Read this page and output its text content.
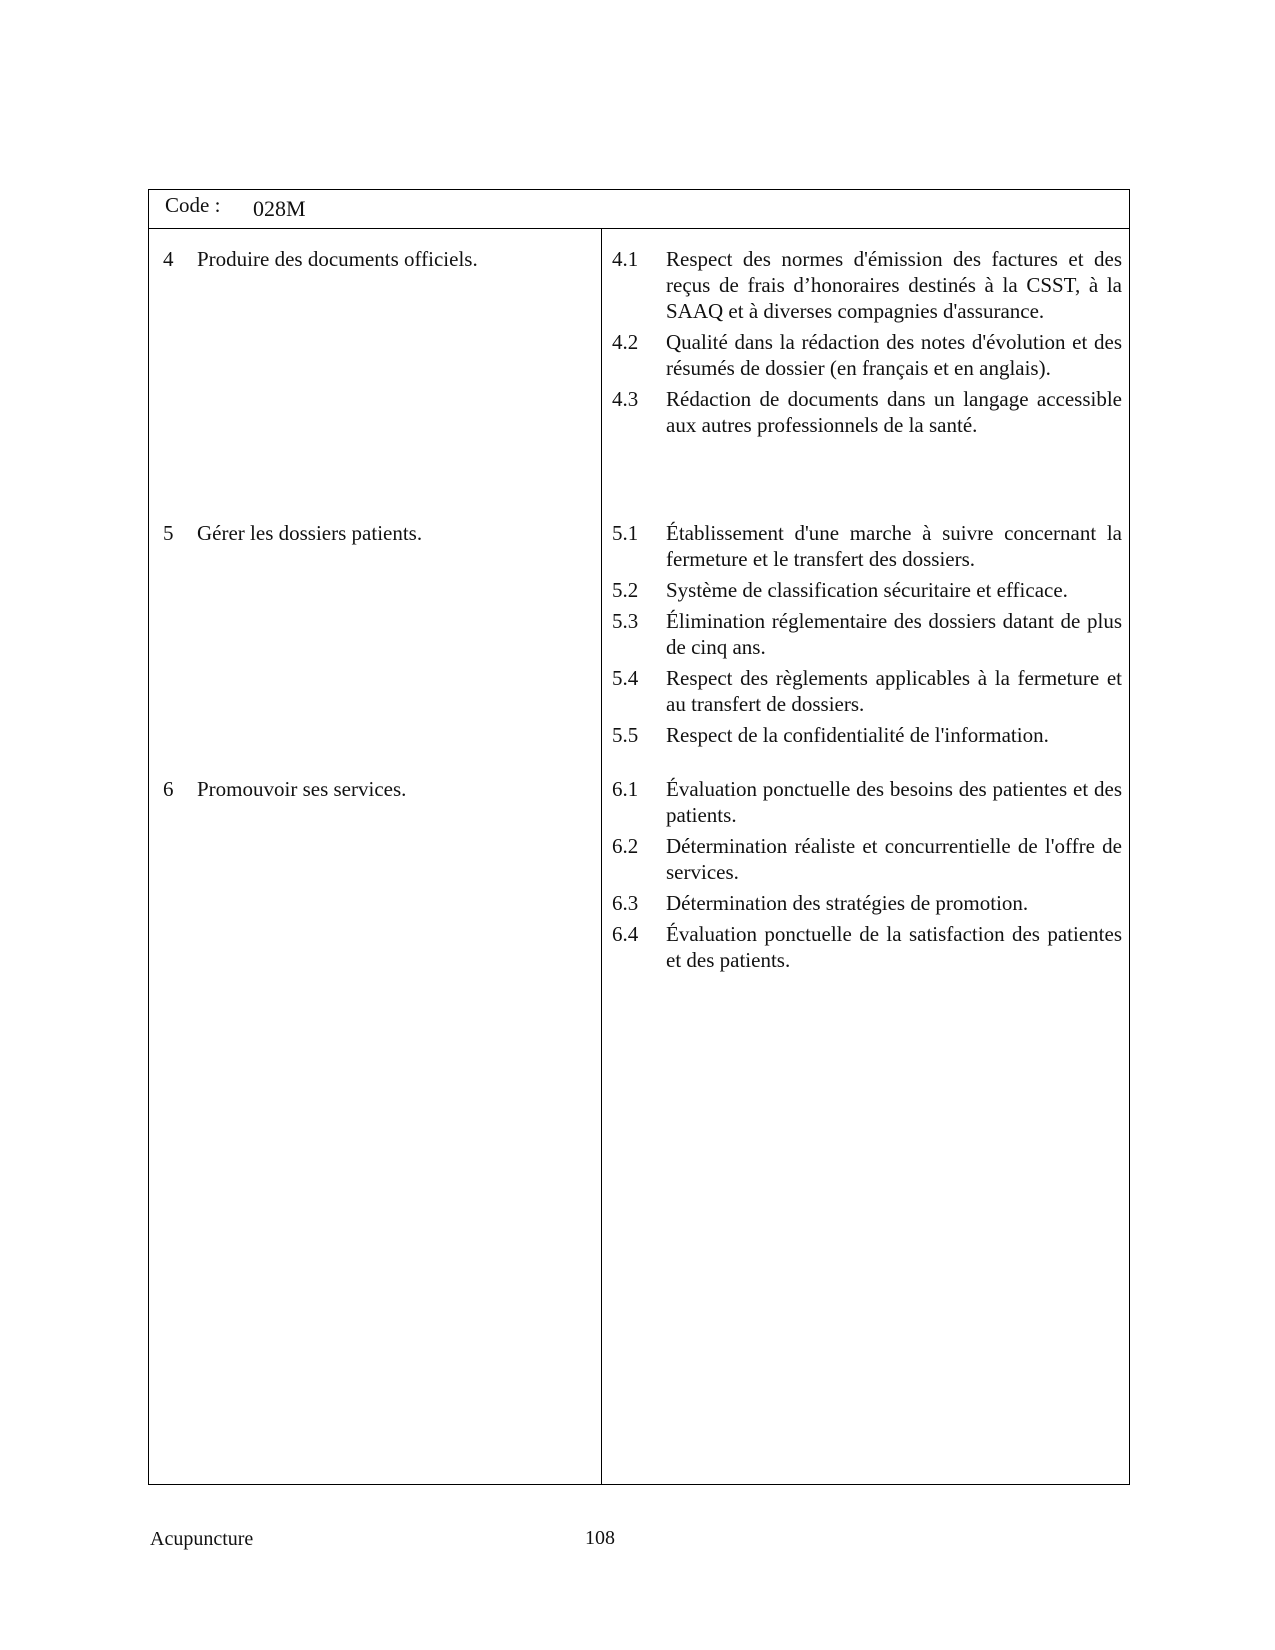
Code : 028M
4 Produire des documents officiels.	4.1 Respect des normes d'émission des factures et des reçus de frais d’honoraires destinés à la CSST, à la SAAQ et à diverses compagnies d'assurance.
4.2 Qualité dans la rédaction des notes d'évolution et des résumés de dossier (en français et en anglais).
4.3 Rédaction de documents dans un langage accessible aux autres professionnels de la santé.
5 Gérer les dossiers patients.	5.1 Établissement d'une marche à suivre concernant la fermeture et le transfert des dossiers.
5.2 Système de classification sécuritaire et efficace.
5.3 Élimination réglementaire des dossiers datant de plus de cinq ans.
5.4 Respect des règlements applicables à la fermeture et au transfert de dossiers.
5.5 Respect de la confidentialité de l'information.
6 Promouvoir ses services.	6.1 Évaluation ponctuelle des besoins des patientes et des patients.
6.2 Détermination réaliste et concurrentielle de l'offre de services.
6.3 Détermination des stratégies de promotion.
6.4 Évaluation ponctuelle de la satisfaction des patientes et des patients.
Acupuncture	108
